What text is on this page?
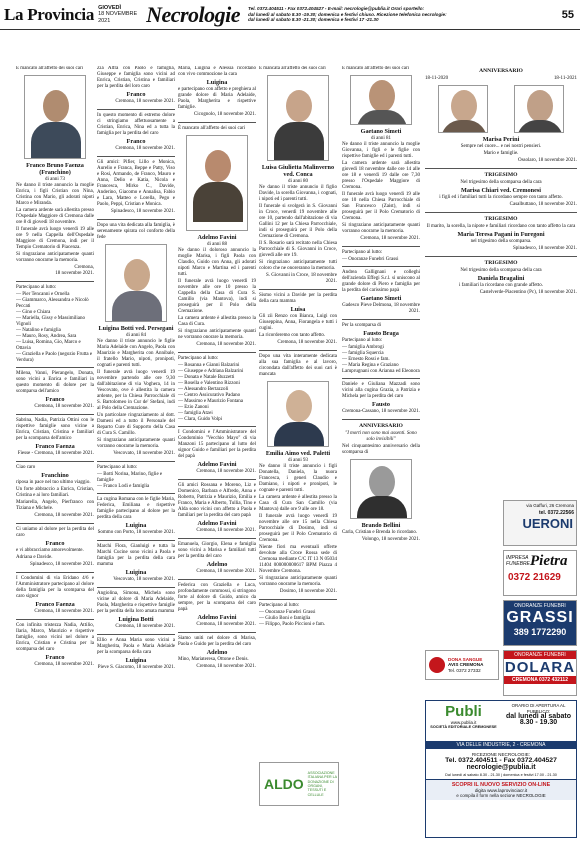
La Provincia GIOVEDÌ
18 NOVEMBRE 2021	Necrologie Tel. 0372.404511 - Fax 0372.404527 - E-mail: necrologie@publia.it Orari sportello:
dal lunedì al sabato 8.30 -19.30; domenica e festivi chiuso. Ricezione telefonica necrologie:
dal lunedì al sabato 8.30 -21.30; domenica e festivi 17 -21.30	55

È mancato all'affetto dei suoi cari

Franco Bruno Faenza (Franchino)
di anni 73

Ne danno il triste annuncio la moglie Enrica, i figli Cristian con Nina, Cristina con Mario, gli adorati nipoti Marco e Miranda.

La camera ardente sarà allestita presso l'Ospedale Maggiore di Cremona dalle ore 8 di giovedì 18 novembre.

Il funerale avrà luogo venerdì 19 alle ore 9 nella Cappella dell'Ospedale Maggiore di Cremona, indi per il Tempio Crematorio di Piacenza.

Si ringraziano anticipatamente quanti vorranno onorarne la memoria.

Cremona,
18 novembre 2021.

Partecipano al lutto:

— Pier Tencanni e Ornella
— Giammarco, Alessandra e Nicolò Peccati
— Gino e Chiara
— Mariella, Gissy e Massimiliano Vignoli
— Natalino e famiglia
— Mauro, Rosy, Andrea, Sara
— Luisa, Romina, Gio, Marco e Ottavia
— Graziella e Paolo (negozio Frutta e Verdura)

Milena, Vanni, Pierangelo, Donata, sono vicini a Enrica e familiari in questo momento di dolore per la scomparsa dell'amico

Franco
Cremona, 18 novembre 2021.

Sabrina, Nadia, Patrizia Ottini con le rispettive famiglie sono vicine a Enrica, Cristian, Cristina e familiari per la scomparsa dell'amico

Franco Faenza
Fiesse - Cremona, 18 novembre 2021.

Ciao caro

Franchino

riposa in pace nel tuo ultimo viaggio.

Un forte abbraccio a Enrica, Cristian, Cristina e ai loro familiari.

Mariarella, Angelo, Pierfranco con Tiziana e Michele.

Cremona, 18 novembre 2021.

Ci uniamo al dolore per la perdita del caro

Franco

e vi abbracciamo amorevolmente.

Adriana e Davide.

Spinadesco, 18 novembre 2021.

I Condomini di via Eridano 4/6 e l'Amministratore partecipano al dolore della famiglia per la scomparsa del caro signor

Franco Faenza
Cremona, 18 novembre 2021.

Con infinita tristezza Nadia, Attilio, Ilaria, Marco, Maurizio e rispettive famiglie, sono vicini nel dolore a Enrica, Cristian e Cristina per la scomparsa del caro

Franco
Cremona, 18 novembre 2021.

Zia Alfra con Paolo e famiglia, Giuseppe e famiglia sono vicini ad Enrica, Cristian, Cristina e familiari per la perdita del loro caro

Franco
Cremona, 18 novembre 2021.

In questo momento di estremo dolore ci stringiamo affettuosamente a Cristian, Enrica, Nina ed a tutta la famiglia per la perdita del caro

Franco
Cremona, 18 novembre 2021.

Gli amici: Pifìer, Lillo e Monica, Aurelio e Franca, Beppe e Patty, Viso e Rosi, Armando, de Franco, Mauro e Anna, Delio e Katia, Nicola e Francesca, Mirko C., Davide, Anderino, Giacomo e Annalisa, Fabio e Lara, Matteo e Lorella, Pego e Paolo, Peppi, Cristian e Monica.

Spinadesco, 18 novembre 2021.

Dopo una vita dedicata alla famiglia, è serenamente spirata col conforto della fede

Luigina Botti ved. Persegani
di anni 84

Ne danno il triste annuncio le figlie Maria Adelaide con Angelo, Paola con Maurizio e Margherita con Annibale, il fratello Mario, nipoti, pronipoti, cognati e parenti tutti.

Il funerale avrà luogo venerdì 19 novembre partendo alle ore 9,30 dall'abitazione di via Voghera, 14 in Vescovato, ove è allestita la camera ardente, per la Chiesa Parrocchiale di S. Bartolomeo in Cur de' Stefani, indi al Polo della Cremazione.

Un particolare ringraziamento al dott. Dameni ed a tutto il Personale del Reparto Cure di Supporto della Casa di Cura S. Camillo.

Si ringraziano anticipatamente quanti vorranno onorarne la memoria.

Vescovato, 18 novembre 2021.

Partecipano al lutto:

— Botti Norina, Marino, figlie e famiglie
— Franco Lodi e famiglia

La cugina Romana con le figlie Maria, Federica, Emiliana e rispettive famiglie partecipano al dolore per la perdita della cara

Luigina
Sommo con Porto, 18 novembre 2021.

Marchi Flora, Gianluigi e tutta la Marchi Cucine sono vicini a Paola e famiglia per la perdita della cara mamma

Luigina
Vescovato, 18 novembre 2021.

Angiolina, Simona, Michela sono vicine al dolore di Maria Adelaide, Paola, Margherita e rispettive famiglie per la perdita della loro amata mamma

Luigina Botti
Cremona, 18 novembre 2021.

Ellio e Anna Maria sono vicini a Margherita, Paola e Maria Adelaide per la scomparsa della cara

Luigina
Pieve S. Giacomo, 18 novembre 2021.

Maria, Luigina e Alessia ricordano con vivo commozione la cara

Luigina

e partecipano con affetto e preghiera al grande dolore di Maria Adelaide, Paola, Margherita e rispettive famiglie.

Cicognolo, 18 novembre 2021.

È mancato all'affetto dei suoi cari

Adelmo Favini
di anni 88

Ne danno il doloroso annuncio la moglie Marisa, i figli Paola con Claudio, Guido con Anna, gli adorati nipoti Marco e Martina ed i parenti tutti.

Il funerale avrà luogo venerdì 19 novembre alle ore 10 presso la Cappella della Casa di Cura S. Camillo (via Mantova), indi si proseguirà per il Polo della Cremazione.

La camera ardente è allestita presso la Casa di Cura.

Si ringraziano anticipatamente quanti ne vorranno onorare la memoria.

Cremona, 18 novembre 2021.

Partecipano al lutto:

— Rosanna e Gianni Balzarini
— Giuseppe e Adriana Balzarini
— Donata e Natale Buzzetti
— Rosella e Valentino Rizzoni
— Alessandro Bertazzoli
— Centro Assicurativo Padano
— Massimo e Maurizio Fontana
— Ezio Zanoni
— famiglia Atzei
— Clara, Guido Volpi

I Condomini e l'Amministratore del Condominio "Vecchio Mayo" di via Manzoni 15 partecipano al lutto del signor Guido e familiari per la perdita del papà

Adelmo Favini
Cremona, 18 novembre 2021.

Gli amici Rossana e Moreno, Liz e Domenico, Barbara e Alfredo, Anna e Roberto, Patrizia e Maurizio, Emilia e Franco, Maria e Alberto, Tullia, Tino e Alda sono vicini con affetto a Paola e familiari per la perdita del caro papà

Adelmo Favini
Cremona, 18 novembre 2021.

Emanuela, Giorgio, Elena e famiglia sono vicini a Marisa e familiari tutti per la perdita del caro

Adelmo
Cremona, 18 novembre 2021.

Federica con Graziella e Luca, profondamente commossi, si stringono forte al dolore di Guido, amico da sempre, per la scomparsa del caro papà

Adelmo Favini
Cremona, 18 novembre 2021.

Siamo uniti nel dolore di Marisa, Paola e Guido per la perdita del caro

Adelmo

Mino, Mariateresa, Ottone e Denis.

Cremona, 18 novembre 2021.

È mancata all'affetto dei suoi cari

Luisa Giulietta Malinverno ved. Conca
di anni 80

Ne danno il triste annuncio il figlio Davide, la sorella Giovanna, i cognati, i nipoti ed i parenti tutti.

Il funerale si svolgerà in S. Giovanni in Croce, venerdì 19 novembre alle ore 10, partendo dall'abitazione di via Gallini 12 per la Chiesa Parrocchiale, indi si proseguirà per il Polo della Cremazione di Cremona.

Il S. Rosario sarà recitato nella Chiesa Parrocchiale di S. Giovanni in Croce, giovedì alle ore 19.

Si ringraziano anticipatamente tutti coloro che ne onoreranno la memoria.

S. Giovanni in Croce, 18 novembre 2021.

Sismo vicini a Davide per la perdita della cara mamma

Luisa

Gli zii Renzo con Bianca, Luigi con Giuseppina, Anna, Fiorangela e tutti i cugini.

La ricorderemo con tanto affetto.

Cremona, 18 novembre 2021.

Dopo una vita interamente dedicata alla sua famiglia e al lavoro, circondata dall'affetto dei suoi cari è mancata

Emilia Aimo ved. Paletti
di anni 93

Ne danno il triste annuncio i figli Donatella, Daniela, la nuora Francesca, i generi Claudio e Damiano, i nipoti e pronipoti, le cognate e parenti tutti.

La camera ardente è allestita presso la Casa di Cura San Camillo (via Mantova) dalle ore 9 alle ore 18.

Il funerale avrà luogo venerdì 19 novembre alle ore 15 nella Chiesa Parrocchiale di Dosimo, indi si proseguirà per il Polo Crematorio di Cremona.

Niente fiori ma eventuali offerte devolute alla Croce Rossa sede di Cremona mediante C/C IT 13 N 05034 11404 000000000617 BPM Piazza 4 Novembre Cremona.

Si ringraziano anticipatamente quanti vorranno onorarne la memoria.

Dosimo, 18 novembre 2021.

Partecipano al lutto:

— Onoranze Funebri Grassi
— Giulio Boni e famiglia
— Filippo, Paolo Piccioni e fam.

È mancato all'affetto dei suoi cari

Gaetano Simeti
di anni 81

Ne danno il triste annuncio la moglie Giovanna, i figli e le figlie con rispettive famiglie ed i parenti tutti.

La camera ardente sarà allestita giovedì 18 novembre dalle ore 14 alle ore 18 e venerdì 19 dalle ore 7,30 presso l'Ospedale Maggiore di Cremona.

Il funerale avrà luogo venerdì 19 alle ore 10 nella Chiesa Parrocchiale di San Francesco (Zaist), indi si proseguirà per il Polo Crematorio di Cremona.

Si ringraziano anticipatamente quanti vorranno onorarne la memoria.

Cremona, 18 novembre 2021.

Partecipano al lutto:

— Onoranze Funebri Grassi

Andrea Gallignani e colleghi dell'azienda Effegi S.r.l. si uniscono al grande dolore di Piero e famiglia per la perdita del carissimo papà

Gaetano Simeti
Gadesco Pieve Delmona, 18 novembre 2021.

Per la scomparsa di

Fausto Braga

Partecipano al lutto:

— famiglia Ambrogi
— famiglia Squercia
— Ernesto Rossi e fam.
— Maria Regina e Graziano Lamprugnani con Arianna ed Eleonora

Daniele e Giuliana Mazzadi sono vicini alla cugina Grazia, a Patrizia e Michela per la perdita del caro

Fausto
Cremona-Cassano, 18 novembre 2021.
ANNIVERSARIO

"I morti non sono mai assenti. Sono solo invisibili"

Nel cinquantesimo anniversario della scomparsa di

Brando Bellini

Carla, Cristian e Brenda lo ricordano.

Volongo, 18 novembre 2021.
ANNIVERSARIO
18-11-2020	18-11-2021
Marisa Perini

Sempre nel cuore... e nei nostri pensieri.

Mario e famiglie.

Ossolaro, 18 novembre 2021.
TRIGESIMO

Nel trigesimo della scomparsa della cara

Marisa Chiari ved. Cremonesi

i figli ed i familiari tutti la ricordano sempre con tanto affetto.

Casalbuttano, 18 novembre 2021.
TRIGESIMO

Il marito, la sorella, la nipote e familiari ricordano con tanto affetto la cara

Maria Teresa Pagani in Furegoni

nel trigesimo della scomparsa.

Spinadesco, 18 novembre 2021.
TRIGESIMO

Nel trigesimo della scomparsa della cara

Daniela Bragalini

i familiari la ricordano con grande affetto.

Castelverde-Piacentino (Pc), 18 novembre 2021.
via Gaffuri, 26 Cremona
tel. 0372.22566
UERONI
IMPRESA FUNEBRE Pietra
0372 21629
ONORANZE FUNEBRI
GRASSI
389 1772290
DONA SANGUE
AVIS CREMONA
Tel. 0372 27332
ONORANZE FUNEBRI
DOLARA
CREMONA 0372 432112
ALDO
ASSOCIAZIONE ITALIANA PER LA DONAZIONE DI ORGANI, TESSUTI E CELLULE
Publi
www.publia.it
SOCIETÀ EDITORIALE CREMONESE
ORARIO DI APERTURA AL PUBBLICO:
dal lunedì al sabato
8.30 - 19.30
VIA DELLE INDUSTRIE, 2 - CREMONA
RICEZIONE NECROLOGIE:
Tel. 0372.404511 - Fax 0372.404527
necrologie@publia.it
Dal lunedì al sabato 8.30 - 21.30 | domenica e festivi 17.00 - 21.30
SCOPRI IL NUOVO SERVIZIO ON-LINE
digita www.laprovinciacr.it
e compila il form nella sezione NECROLOGIE
